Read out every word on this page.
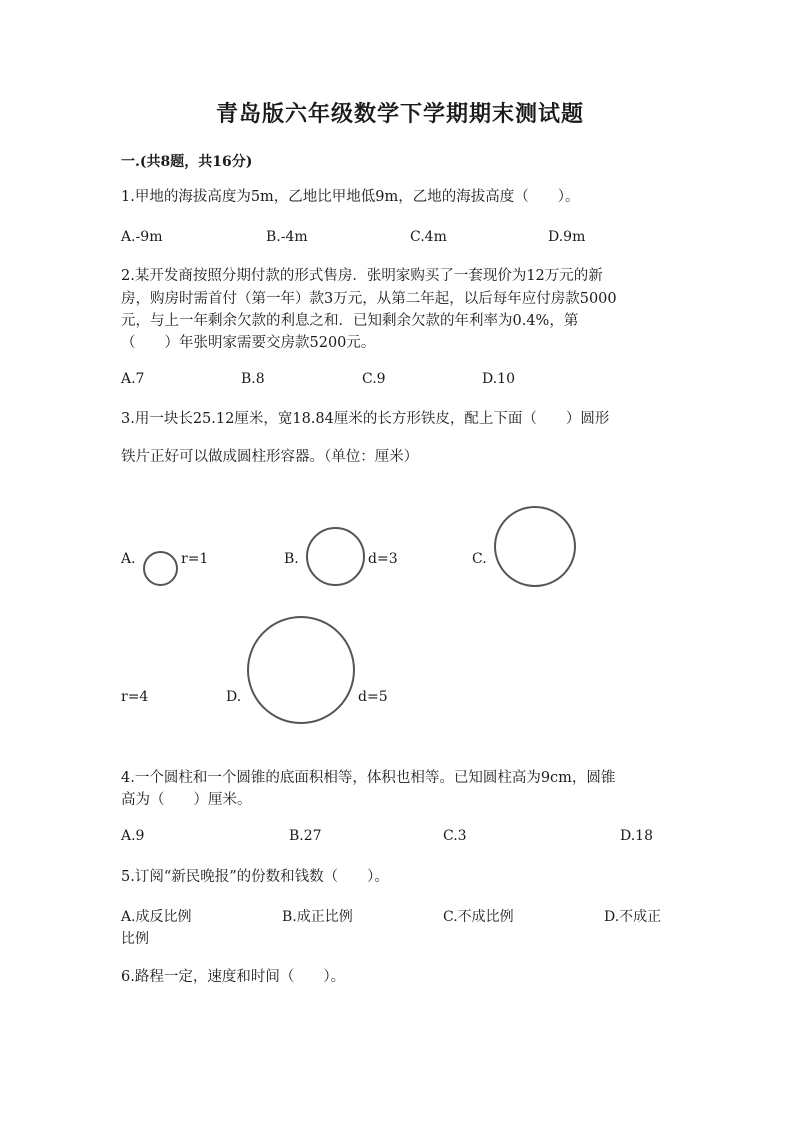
青岛版六年级数学下学期期末测试题
一.(共8题，共16分)
1.甲地的海拔高度为5m，乙地比甲地低9m，乙地的海拔高度（　　）。
A.-9m	B.-4m	C.4m	D.9m
2.某开发商按照分期付款的形式售房．张明家购买了一套现价为12万元的新
房，购房时需首付（第一年）款3万元，从第二年起，以后每年应付房款5000
元，与上一年剩余欠款的利息之和．已知剩余欠款的年利率为0.4%，第
（　　）年张明家需要交房款5200元。
A.7	B.8	C.9	D.10
3.用一块长25.12厘米，宽18.84厘米的长方形铁皮，配上下面（　　）圆形
铁片正好可以做成圆柱形容器。（单位：厘米）
A.	r=1	B.	d=3	C.
r=4	D.	d=5
4.一个圆柱和一个圆锥的底面积相等，体积也相等。已知圆柱高为9cm，圆锥
高为（　　）厘米。
A.9	B.27	C.3	D.18
5.订阅“新民晚报”的份数和钱数（　　）。
A.成反比例	B.成正比例	C.不成比例	D.不成正
比例
6.路程一定，速度和时间（　　）。
